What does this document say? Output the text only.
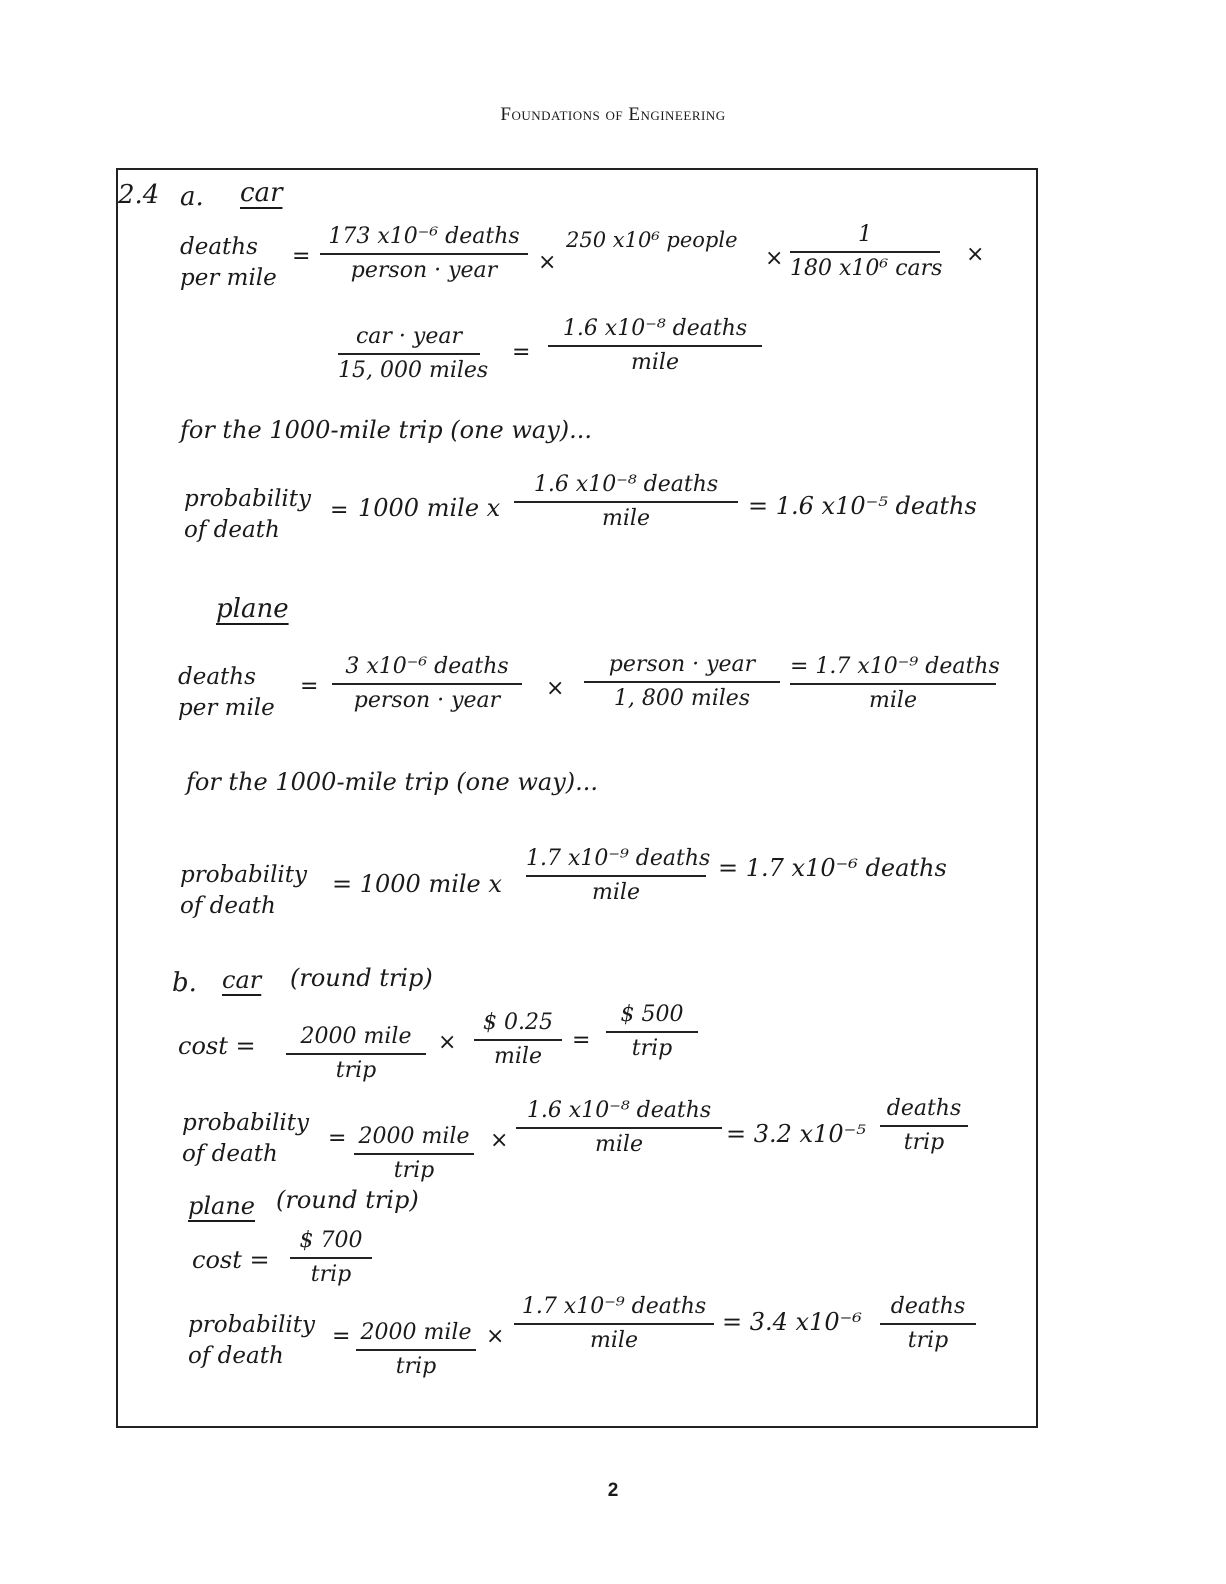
Foundations of Engineering
2.4 a. car
deaths
per mile
=
173 x10⁻⁶ deaths
person · year	×
250 x10⁶ people
×
1
180 x10⁶ cars
×
car · year
15, 000 miles
=
1.6 x10⁻⁸ deaths
mile
for the 1000-mile trip (one way)...
probability
of death
= 1000 mile x
1.6 x10⁻⁸ deaths
mile	= 1.6 x10⁻⁵ deaths
plane
deaths
per mile
=
3 x10⁻⁶ deaths
person · year	×
person · year
1, 800 miles
= 1.7 x10⁻⁹ deaths
mile
for the 1000-mile trip (one way)...
probability
of death
= 1000 mile x
1.7 x10⁻⁹ deaths
mile
= 1.7 x10⁻⁶ deaths
b. car (round trip)
cost =	2000 mile
trip
×
$ 0.25
mile
=
$ 500
trip
probability
of death
= 2000 mile
trip
×
1.6 x10⁻⁸ deaths
mile	= 3.2 x10⁻⁵
deaths
trip
plane (round trip)
cost =
$ 700
trip
probability
of death
= 2000 mile
trip
×
1.7 x10⁻⁹ deaths
mile
= 3.4 x10⁻⁶
deaths
trip
2
